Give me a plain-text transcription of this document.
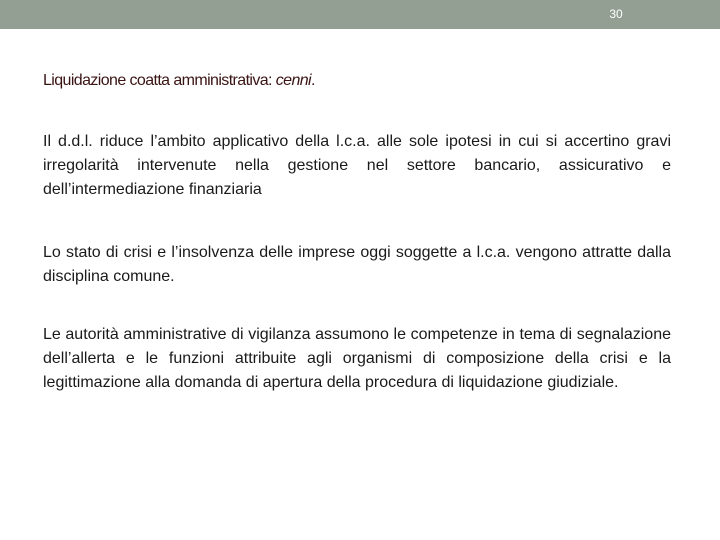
30
Liquidazione coatta amministrativa: cenni.

Il d.d.l. riduce l’ambito applicativo della l.c.a. alle sole ipotesi in cui si accertino gravi irregolarità intervenute nella gestione nel settore bancario, assicurativo e dell’intermediazione finanziaria

Lo stato di crisi e l’insolvenza delle imprese oggi soggette a l.c.a. vengono attratte dalla disciplina comune.

Le autorità amministrative di vigilanza assumono le competenze in tema di segnalazione dell’allerta e le funzioni attribuite agli organismi di composizione della crisi e la legittimazione alla domanda di apertura della procedura di liquidazione giudiziale.
